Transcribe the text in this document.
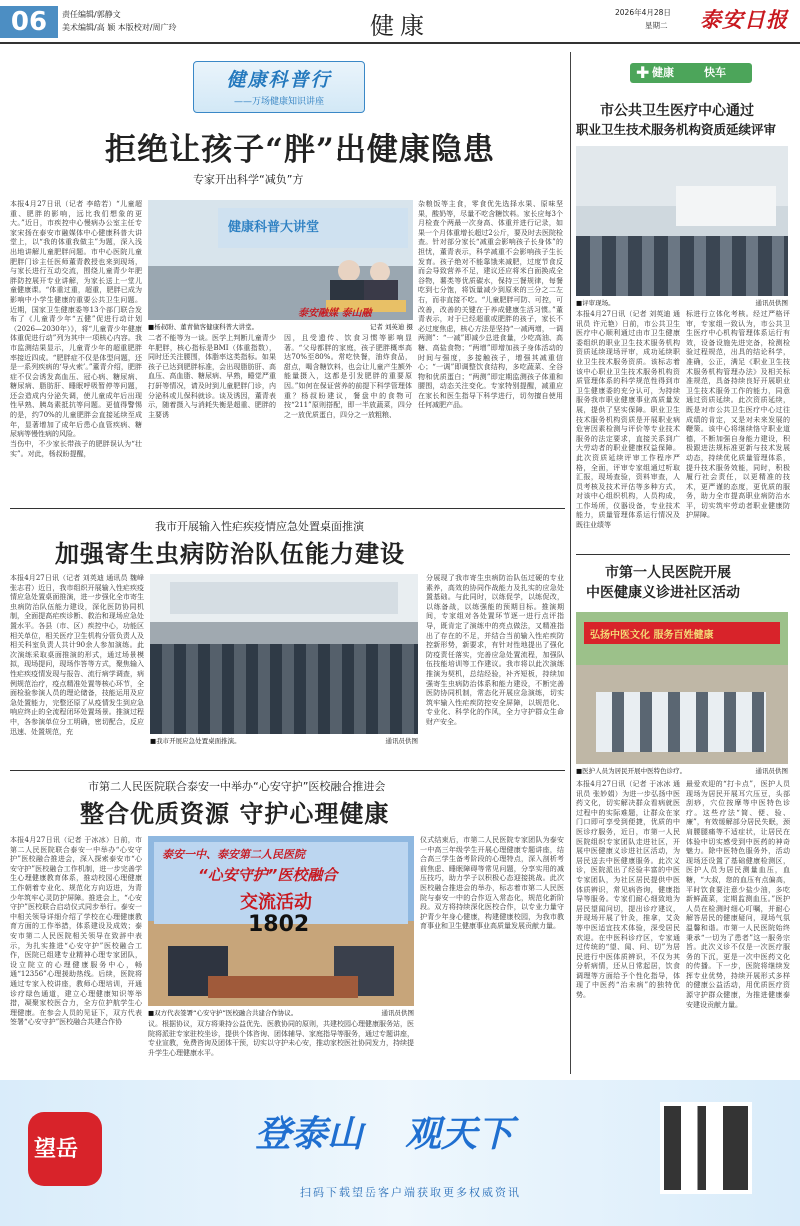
06	责任编辑/郭静文
美术编辑/高 颖 本版校对/周广玲	健康	2026年4月28日
星期二 泰安日报
健康科普行
——万场健康知识讲座
拒绝让孩子“胖”出健康隐患
专家开出科学“减负”方
本报4月27日讯（记者 李皓若）“儿童超重、肥胖的影响，远比我们想象的更大。”近日，市疾控中心慢病办公室主任专家宋扬在泰安市融媒体中心健康科普大讲堂上，以“我的体重我做主”为题，深入浅出地讲解儿童肥胖问题。市中心医院儿童肥胖门诊主任医师董青教授也来到现场，与家长进行互动交流，围绕儿童青少年肥胖防控展开专业讲解，为家长送上一堂儿童健康课。“体重过重，超重，肥胖已成为影响中小学生健康的重要公共卫生问题。近期，国家卫生健康委等13个部门联合发布了《儿童青少年“五健”促进行动计划（2026—2030年）》，将“儿童青少年健康体重促进行动”列为其中一项核心内容。我市监测结果显示，儿童青少年的超重肥胖率接近四成。“肥胖症不仅是体型问题，还是一系列疾病的‘导火索’。”董青介绍，肥胖症不仅会诱发高血压、冠心病、糖尿病、糖尿病、脂肪肝、睡眠呼吸暂停等问题，还会造成内分泌失调，使儿童成年后出现性早熟、胰岛素抵抗等问题。更值得警惕的是，约70%的儿童肥胖会直接延续至成年，显著增加了成年后患心血管疾病、糖尿病等慢性病的风险。
当伤中，不少家长带孩子的肥胖误认为“壮实”。对此，杨叔盼提醒，
健康科普大讲堂
泰安融媒 泰山融
■杨叔盼、董青做客健康科普大讲堂。	记者 刘英迪 摄
二者不能等为一谈。医学上判断儿童青少年肥胖，核心指标是BMI（体重指数），同时还关注腰围，体脂率这类指标。如果孩子已达到肥胖标准，会出现脂肪肝、高血压、高血脂、糖尿病、早熟，睡觉严重打鼾等情况，请及时到儿童肥胖门诊，内分泌科或儿保科就诊。谈及诱因，董青表示，随着摄入与消耗失衡是超重、肥胖的主要诱
因，且受遗传、饮食习惯等影响显著。“父母都胖的家庭，孩子肥胖概率高达70%至80%。常吃快餐，油炸食品，甜点，喝含糖饮料，也会让儿童产生额外能量摄入，这都是引发肥胖的重要原因。”如何在保证营养的前提下科学管理体重？杨叔盼建议，餐盘中的食物可按“211”原则搭配，即一半放蔬菜，四分之一放优质蛋白，四分之一放粗粮、
杂粮饭等主食，零食优先选择水果、原味坚果，酸奶等，尽量不吃含糖饮料。家长应每3个月检查个两最一次身高、体重并进行记录，如果一个月体重增长超过2公斤，要及时去医院检查。针对部分家长“减重会影响孩子长身体”的担忧，董青表示，科学减重不会影响孩子生长发育。孩子绝对不能靠饿来减肥，过度节食反而会导致营养不足，建议还应将米白面换成全谷物，薯类等优质碳水，保持三餐规律，每餐吃到七分饱，将饭量减少到原来的三分之二左右，而非直接不吃。“儿童肥胖可防、可控，可改善，改善的关键在于养成健康生活习惯。”董青表示，对于已经超重或肥胖的孩子，家长不必过度焦虑，核心方法是坚持“一减两增，一调两测”：“一减”即减少总进食量，少吃高油、高糖、高盐食物；“两增”即增加孩子身体活动的时间与强度，多接触孩子，增强其减重信心；“一调”即调整饮食结构，多吃蔬菜、全谷物和优质蛋白；“两测”即定期监测孩子体重和腰围，动态关注变化。专家特别提醒，减重应在家长和医生指导下科学进行，切勿擅自使用任何减肥产品。
我市开展输入性疟疾疫情应急处置桌面推演
加强寄生虫病防治队伍能力建设
本报4月27日讯（记者 刘英迪 通讯员 魏峰 张志君）近日，我市组织开展输入性疟疾疫情应急处置桌面推演，进一步强化全市寄生虫病防治队伍能力建设，深化医防协同机制，全面提高疟疾诊断、救治和现场应急处置水平。各县（市、区）疾控中心，功能区相关单位，相关医疗卫生机构分管负责人及相关科室负责人共计90余人参加演练。此次演练采取桌面推演的形式，通过场景模拟，现场提问，现场作答等方式，聚焦输入性疟疾疫情发现与报告、流行病学调查，病例规范治疗，疫点精准处置等核心环节，全面检验参演人员的理论储备，技能运用及应急处置能力，完整还原了从疫情发生到应急响应终止的全流程闭环处置场景。推演过程中，各参演单位分工明确，密切配合，反应迅速、处置规范，充
■我市开展应急处置桌面推演。	通讯员供图
分展现了我市寄生虫病防治队伍过硬的专业素养，高效的协同作战能力及扎实的应急处置基础。与此同时，以练促学，以练促改，以练备战，以练强能的预期目标。推演期间，专家组对各处置环节逐一进行点评指导，既肯定了演练中的亮点做法，又精准指出了存在的不足，并结合当前输入性疟疾防控新形势，新要求，有针对性地提出了强化防疫责任落实，完善应急处置流程，加强队伍技能培训等工作建议。我市将以此次演练推演为契机，总结经验，补齐短板，持续加强寄生虫病防治体系和能力建设，不断完善医防协同机制，常态化开展应急演练，切实筑牢输入性疟疾防控安全屏障，以规范化、专业化、科学化的作风，全力守护群众生命财产安全。
市第二人民医院联合泰安一中举办“心安守护”医校融合推进会
整合优质资源 守护心理健康
本报4月27日讯（记者 于冰冰）日前，市第二人民医院联合泰安一中举办“心安守护”医校融合推进会，深入探索泰安市“心安守护”医校融合工作机制，进一步完善学生心理健康教育体系，推动校园心理健康工作朝着专业化、规范化方向迈进，为青少年筑牢心灵防护屏障。推进会上，“心安守护”医校联合启动仪式同步举行。泰安一中相关领导详细介绍了学校在心理健康教育方面的工作举措，体系建设及成效；泰安市第二人民医院相关领导在致辞中表示，为扎实推进“心安守护”医校融合工作，医院已组建专业精神心理专家团队，设立院立的心理健康服务中心，畅通“12356”心理援助热线。后续，医院将通过专家入校讲座，教师心理培训，开通诊疗绿色通道，建立心理健康知识等举措，凝聚家校医合力，全方位护航学生心理健康。在参会人员的见证下，双方代表签署“心安守护”医校融合共建合作协
泰安一中、泰安第二人民医院
“心安守护”医校融合
交流活动
1802
■双方代表签署“心安守护”医校融合共建合作协议。	通讯员供图
议。根据协议，双方将秉持公益优先、医教协同的原则，共建校园心理健康服务站，医院将派驻专家驻校坐诊，提供个体咨询、团体辅导、家庭指导等服务，通过专题讲座，专业宣教，免费咨询及团体干预，切实以守护未心安，推动家校医社协同发力，持续提升学生心理健康水平。
仪式结束后，市第二人民医院专家团队为泰安一中高三年级学生开展心理健康专题讲座，结合高三学生备考阶段的心理特点，深入剖析考前焦虑、睡眠障碍等常见问题，分享实用的减压技巧，助力学子以积极心态迎接挑战。此次医校融合推进会的举办，标志着市第二人民医院与泰安一中的合作迈入常态化，规范化新阶段。双方将持续深化医校合作，以专业力量守护青少年身心健康，构建健康校园，为我市教育事业和卫生健康事业高质量发展贡献力量。
✚ 健康	快车
市公共卫生医疗中心通过
职业卫生技术服务机构资质延续评审
■评审现场。	通讯员供图
本报4月27日讯（记者 刘英迪 通讯员 许元艳）日前，市公共卫生医疗中心顺利通过由市卫生健康委组织的职业卫生技术服务机构资质延续现场评审，成功延续职业卫生技术服务资质。该标志着该中心职业卫生技术服务机构资质管理体系的科学规范性得到市卫生健康委的充分认可，为持续服务我市职业健康事业高质量发展，提供了坚实保障。职业卫生技术服务机构资质是开展职业病危害因素检测与评价等专业技术服务的法定要求，直接关系到广大劳动者的职业健康权益保障。此次资质延续评审工作程序严格，全面，评审专家组通过听取汇报，现场查验，资料审查，人员考核及技术评估等多种方式，对该中心组织机构，人员构成，工作场所，仪器设备，专业技术能力，质量管理体系运行情况及既往业绩等
标进行立体化考核。经过严格评审，专家组一致认为，市公共卫生医疗中心机构管理体系运行有效，设备设施先进完备，检测检验过程规范，出具的结论科学，准确，公正，满足《职业卫生技术服务机构管理办法》及相关标准规范，具备持续良好开展职业卫生技术服务工作的能力，同意通过资质延续。此次资质延续，既是对市公共卫生医疗中心过往成绩的肯定，又是对未来发展的鞭策。该中心将继续恪守职业道德，不断加强自身能力建设，积极跟进法规标准更新与技术发展动态，持续优化质量管理体系，提升技术服务效能，同时，积极履行社会责任，以更精准的技术，更严谨的态度，更优质的服务，助力全市提高职业病防治水平，切实筑牢劳动者职业健康防护屏障。
市第一人民医院开展
中医健康义诊进社区活动
弘扬中医文化 服务百姓健康
■医护人员为居民开展中医特色诊疗。	通讯员供图
本报4月27日讯（记者 于冰冰 通讯员 张妙娟）为进一步弘扬中医药文化，切实解决群众看病就医过程中的实际难题，让群众在家门口即可享受到便捷，优质的中医诊疗服务，近日，市第一人民医院组织专家团队走进社区，开展中医健康义诊进社区活动，为居民送去中医健康服务。此次义诊，医院派出了经验丰富的中医专家团队，为社区居民提供中医体质辨识，常见病咨询，健康指导等服务。专家们耐心细致地为居民望闻问切，提出诊疗建议，并现场开展了针灸，推拿，艾灸等中医适宜技术体验，深受居民欢迎。在中医科诊疗区，专家通过传统的“望、闻、问、切”为居民进行中医体质辨识，不仅为其分析病情，还从日常起居，饮食调理等方面给予个性化指导，体现了中医药“治未病”的独特优势。
最爱欢迎的“打卡点”，医护人员现场为居民开展耳穴压豆，头部刮痧，穴位按摩等中医特色诊疗。这些疗法“简、便、验、廉”，有效缓解部分居民失眠，颈肩腰腿痛等不适症状，让居民在体验中切实感受到中医药的神奇魅力。除中医特色服务外，活动现场还设置了基础健康检测区，医护人员为居民测量血压，血糖，“大叔，您的血压有点偏高，平时饮食要注意少盐少油，多吃新鲜蔬菜，定期监测血压。”医护人员在检测时细心叮嘱，并耐心解答居民的健康疑问，现场气氛温馨和谐。市第一人民医院始终秉承“一切为了患者”这一服务宗旨。此次义诊不仅是一次医疗服务的下沉，更是一次中医药文化的传播。下一步，医院将继续发挥专业优势，持续开展形式多样的健康公益活动，用优质医疗资源守护群众健康，为推进健康泰安建设贡献力量。
望岳	登泰山 观天下
扫码下载望岳客户端获取更多权威资讯
